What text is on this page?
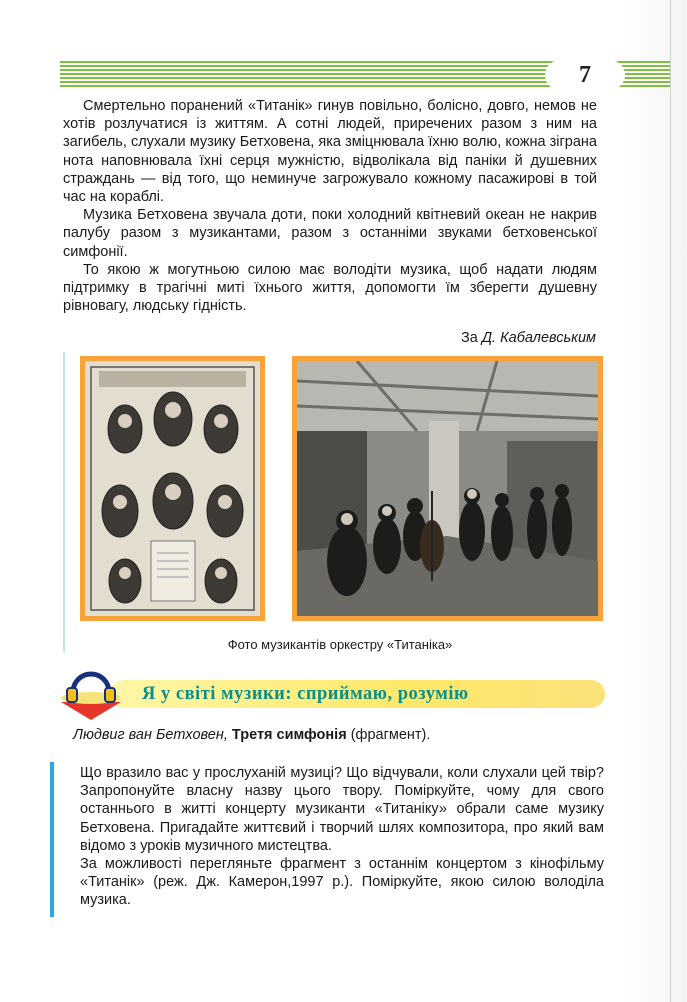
7

Смертельно поранений «Титанік» гинув повільно, болісно, довго, немов не хотів розлучатися із життям. А сотні людей, приречених разом з ним на загибель, слухали музику Бетховена, яка зміцнювала їхню волю, кожна зіграна нота наповнювала їхні серця мужністю, відволікала від паніки й душевних страждань — від того, що неминуче загрожувало кожному пасажирові в той час на кораблі.

Музика Бетховена звучала доти, поки холодний квітневий океан не накрив палубу разом з музикантами, разом з останніми звуками бетховенської симфонії.

То якою ж могутньою силою має володіти музика, щоб надати людям підтримку в трагічні миті їхнього життя, допомогти їм зберегти душевну рівновагу, людську гідність.

За Д. Кабалевським
Фото музикантів оркестру «Титаніка»
Я у світі музики: сприймаю, розумію
Людвиг ван Бетховен, Третя симфонія (фрагмент).

Що вразило вас у прослуханій музиці? Що відчували, коли слухали цей твір? Запропонуйте власну назву цього твору. Поміркуйте, чому для свого останнього в житті концерту музиканти «Титаніку» обрали саме музику Бетховена. Пригадайте життєвий і творчий шлях композитора, про який вам відомо з уроків музичного мистецтва.

За можливості перегляньте фрагмент з останнім концертом з кінофільму «Титанік» (реж. Дж. Камерон,1997 р.). Поміркуйте, якою силою володіла музика.
